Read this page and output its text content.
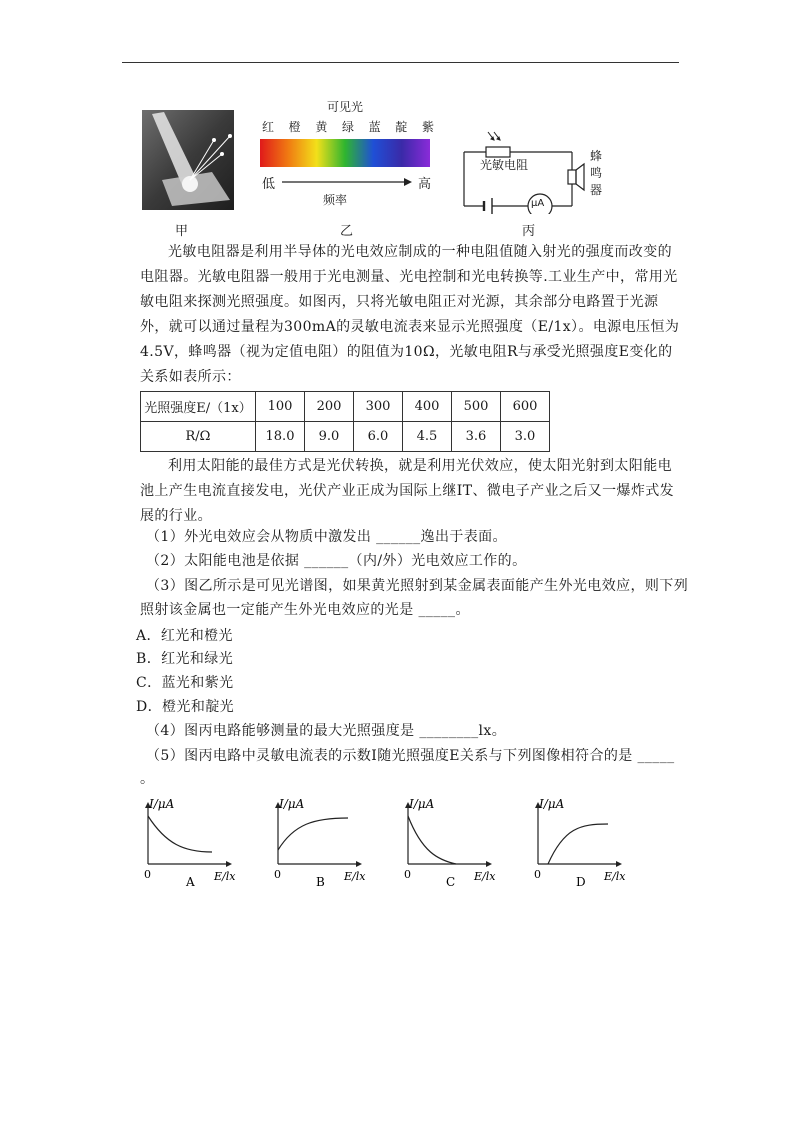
甲
可见光
红 橙 黄 绿 蓝 靛 紫
低	高
频率
乙
光敏电阻
蜂
鸣
器
μA
丙
光敏电阻器是利用半导体的光电效应制成的一种电阻值随入射光的强度而改变的电阻器。光敏电阻器一般用于光电测量、光电控制和光电转换等.工业生产中，常用光敏电阻来探测光照强度。如图丙，只将光敏电阻正对光源，其余部分电路置于光源外，就可以通过量程为300mA的灵敏电流表来显示光照强度（E/1x）。电源电压恒为4.5V，蜂鸣器（视为定值电阻）的阻值为10Ω，光敏电阻R与承受光照强度E变化的关系如表所示：
光照强度E/（1x）	100	200	300	400	500	600
R/Ω	18.0	9.0	6.0	4.5	3.6	3.0
利用太阳能的最佳方式是光伏转换，就是利用光伏效应，使太阳光射到太阳能电池上产生电流直接发电，光伏产业正成为国际上继IT、微电子产业之后又一爆炸式发展的行业。
（1）外光电效应会从物质中激发出 ______逸出于表面。
（2）太阳能电池是依据 ______（内/外）光电效应工作的。
（3）图乙所示是可见光谱图，如果黄光照射到某金属表面能产生外光电效应，则下列
照射该金属也一定能产生外光电效应的光是 _____。
A．红光和橙光
B．红光和绿光
C．蓝光和紫光
D．橙光和靛光
（4）图丙电路能够测量的最大光照强度是 ________lx。
（5）图丙电路中灵敏电流表的示数I随光照强度E关系与下列图像相符合的是 _____
。
I/μA
E/lx
0
A
I/μA
E/lx
0
B
I/μA
E/lx
0
C
I/μA
E/lx
0
D
